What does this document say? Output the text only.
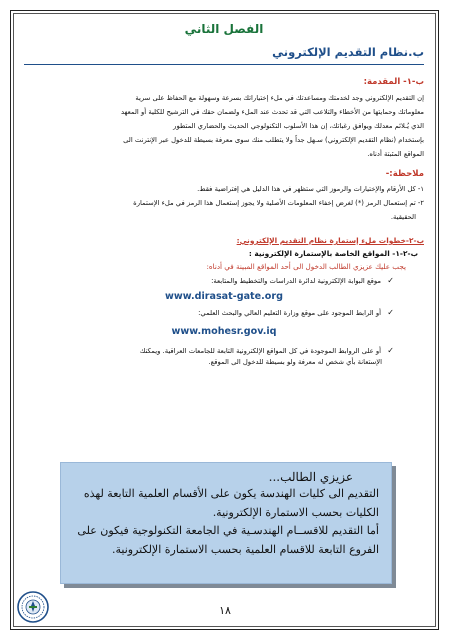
الفصل الثاني
ب.نظام التقديم الإلكتروني
ب-١- المقدمة:
إن التقديم الإلكتروني وجد لخدمتك ومساعدتك في ملء إختياراتك بسرعة وسهولة مع الحفاظ على سرية
معلوماتك وحمايتها من الأخطاء والتلاعب التي قد تحدث عند الملء ولضمان حقك في الترشيح للكلية أو المعهد
الذي يُـلائم معدلك ويوافق رغباتك، إن هذا الأسلوب التكنولوجي الحديث والحضاري المتطور
بإستخدام (نظام التقديم الإلكتروني) سـهل جداً ولا يتطلب منك سوى معرفة بسيطة للدخول عبر الإنترنت الى
المواقع المثبتة أدناه.
ملاحظة:-
١- كل الأرقام والإختيارات والرموز التي ستظهر في هذا الدليل هي إفتراضية فقط.
٢- تم إستعمال الرمز (*) لغرض إخفاء المعلومات الأصلية ولا يجوز إستعمال هذا الرمز في ملء الإستمارة
الحقيقية.
ب-٢-خطوات ملء إستمارة نظام التقديم الإلكتروني:
ب-٢-١- المواقع الخاصة بالإستمارة الإلكترونية :
يجب عليك عزيزي الطالب الدخول الى أحد المواقع المبينة في أدناه:
✓موقع البوابة الإلكترونية لدائرة الدراسات والتخطيط والمتابعة:
www.dirasat-gate.org
✓أو الرابط الموجود على موقع وزارة التعليم العالي والبحث العلمي:
www.mohesr.gov.iq
✓أو على الروابط الموجودة في كل المواقع الإلكترونية التابعة للجامعات العراقية. ويمكنك
الإستعانة بأي شخص له معرفة ولو بسيطة للدخول الى الموقع.
عزيزي الطالب...
التقديم الى كليات الهندسة يكون على الأقسام العلمية التابعة لهذه
الكليات بحسب الاستمارة الإلكترونية.
أما التقديم للاقســام الهندسـية في الجامعة التكنولوجية فيكون على
الفروع التابعة للاقسام العلمية بحسب الاستمارة الإلكترونية.
١٨
